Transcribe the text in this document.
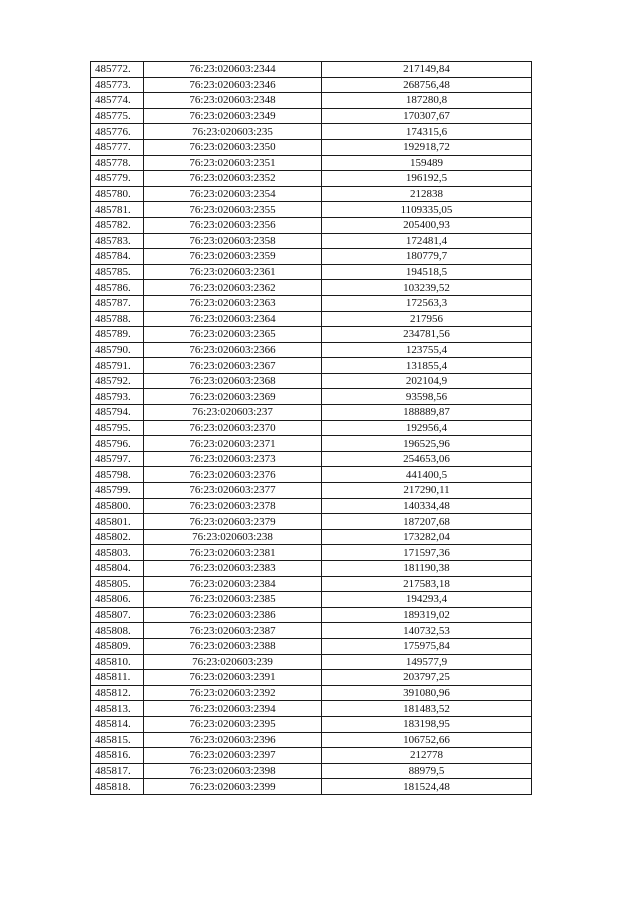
485772.	76:23:020603:2344	217149,84
485773.	76:23:020603:2346	268756,48
485774.	76:23:020603:2348	187280,8
485775.	76:23:020603:2349	170307,67
485776.	76:23:020603:235	174315,6
485777.	76:23:020603:2350	192918,72
485778.	76:23:020603:2351	159489
485779.	76:23:020603:2352	196192,5
485780.	76:23:020603:2354	212838
485781.	76:23:020603:2355	1109335,05
485782.	76:23:020603:2356	205400,93
485783.	76:23:020603:2358	172481,4
485784.	76:23:020603:2359	180779,7
485785.	76:23:020603:2361	194518,5
485786.	76:23:020603:2362	103239,52
485787.	76:23:020603:2363	172563,3
485788.	76:23:020603:2364	217956
485789.	76:23:020603:2365	234781,56
485790.	76:23:020603:2366	123755,4
485791.	76:23:020603:2367	131855,4
485792.	76:23:020603:2368	202104,9
485793.	76:23:020603:2369	93598,56
485794.	76:23:020603:237	188889,87
485795.	76:23:020603:2370	192956,4
485796.	76:23:020603:2371	196525,96
485797.	76:23:020603:2373	254653,06
485798.	76:23:020603:2376	441400,5
485799.	76:23:020603:2377	217290,11
485800.	76:23:020603:2378	140334,48
485801.	76:23:020603:2379	187207,68
485802.	76:23:020603:238	173282,04
485803.	76:23:020603:2381	171597,36
485804.	76:23:020603:2383	181190,38
485805.	76:23:020603:2384	217583,18
485806.	76:23:020603:2385	194293,4
485807.	76:23:020603:2386	189319,02
485808.	76:23:020603:2387	140732,53
485809.	76:23:020603:2388	175975,84
485810.	76:23:020603:239	149577,9
485811.	76:23:020603:2391	203797,25
485812.	76:23:020603:2392	391080,96
485813.	76:23:020603:2394	181483,52
485814.	76:23:020603:2395	183198,95
485815.	76:23:020603:2396	106752,66
485816.	76:23:020603:2397	212778
485817.	76:23:020603:2398	88979,5
485818.	76:23:020603:2399	181524,48
